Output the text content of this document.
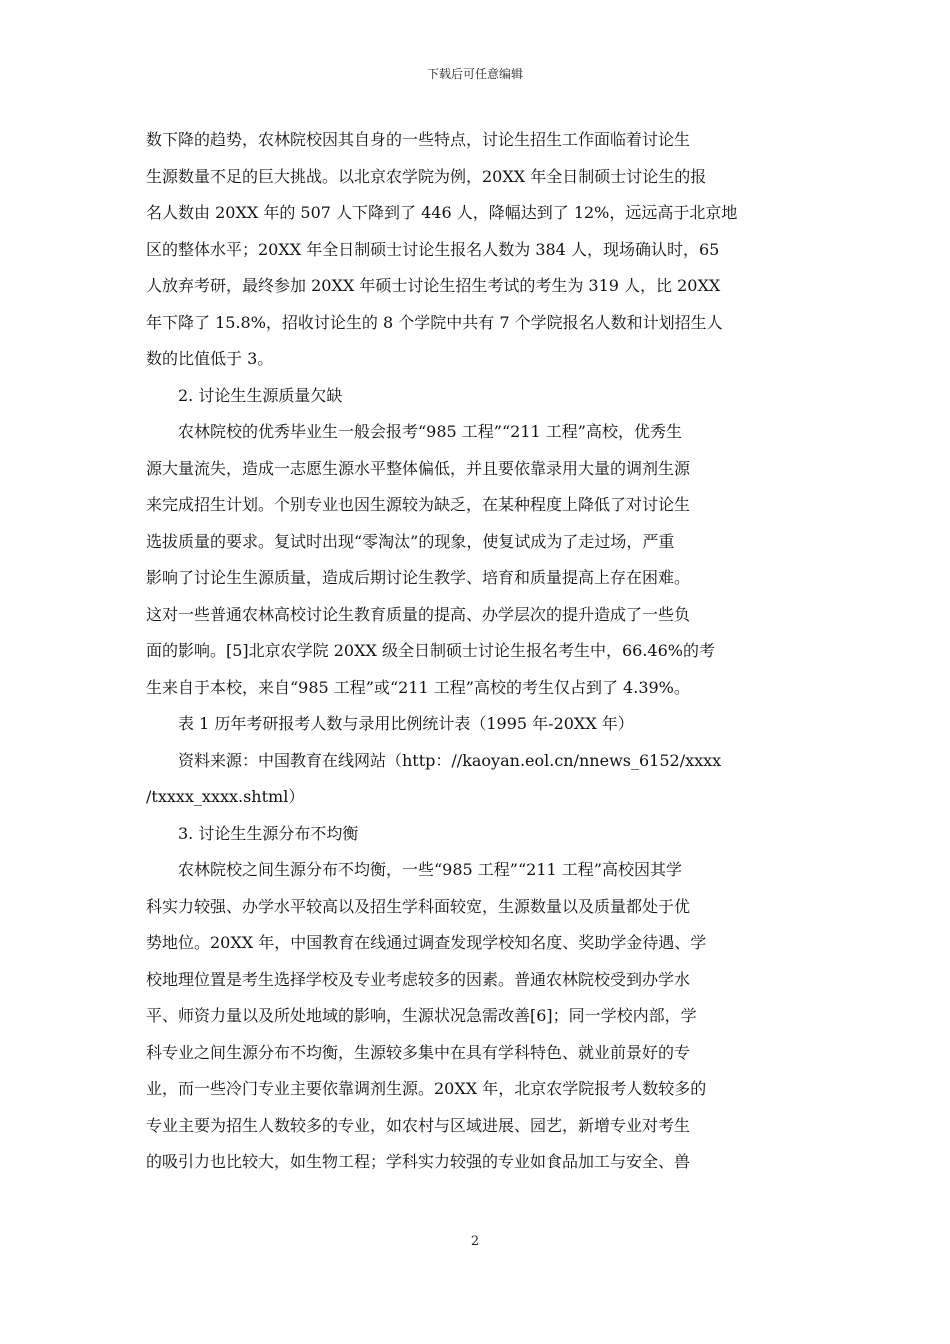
下载后可任意编辑

数下降的趋势，农林院校因其自身的一些特点，讨论生招生工作面临着讨论生
生源数量不足的巨大挑战。以北京农学院为例，20XX 年全日制硕士讨论生的报
名人数由 20XX 年的 507 人下降到了 446 人，降幅达到了 12%，远远高于北京地
区的整体水平；20XX 年全日制硕士讨论生报名人数为 384 人，现场确认时，65
人放弃考研，最终参加 20XX 年硕士讨论生招生考试的考生为 319 人，比 20XX
年下降了 15.8%，招收讨论生的 8 个学院中共有 7 个学院报名人数和计划招生人
数的比值低于 3。

2. 讨论生生源质量欠缺

农林院校的优秀毕业生一般会报考“985 工程”“211 工程”高校，优秀生
源大量流失，造成一志愿生源水平整体偏低，并且要依靠录用大量的调剂生源
来完成招生计划。个别专业也因生源较为缺乏，在某种程度上降低了对讨论生
选拔质量的要求。复试时出现“零淘汰”的现象，使复试成为了走过场，严重
影响了讨论生生源质量，造成后期讨论生教学、培育和质量提高上存在困难。
这对一些普通农林高校讨论生教育质量的提高、办学层次的提升造成了一些负
面的影响。[5]北京农学院 20XX 级全日制硕士讨论生报名考生中，66.46%的考
生来自于本校，来自“985 工程”或“211 工程”高校的考生仅占到了 4.39%。

表 1 历年考研报考人数与录用比例统计表（1995 年-20XX 年）

资料来源：中国教育在线网站（http：//kaoyan.eol.cn/nnews_6152/xxxx
/txxxx_xxxx.shtml）

3. 讨论生生源分布不均衡

农林院校之间生源分布不均衡，一些“985 工程”“211 工程”高校因其学
科实力较强、办学水平较高以及招生学科面较宽，生源数量以及质量都处于优
势地位。20XX 年，中国教育在线通过调查发现学校知名度、奖助学金待遇、学
校地理位置是考生选择学校及专业考虑较多的因素。普通农林院校受到办学水
平、师资力量以及所处地域的影响，生源状况急需改善[6]；同一学校内部，学
科专业之间生源分布不均衡，生源较多集中在具有学科特色、就业前景好的专
业，而一些冷门专业主要依靠调剂生源。20XX 年，北京农学院报考人数较多的
专业主要为招生人数较多的专业，如农村与区域进展、园艺，新增专业对考生
的吸引力也比较大，如生物工程；学科实力较强的专业如食品加工与安全、兽

2
